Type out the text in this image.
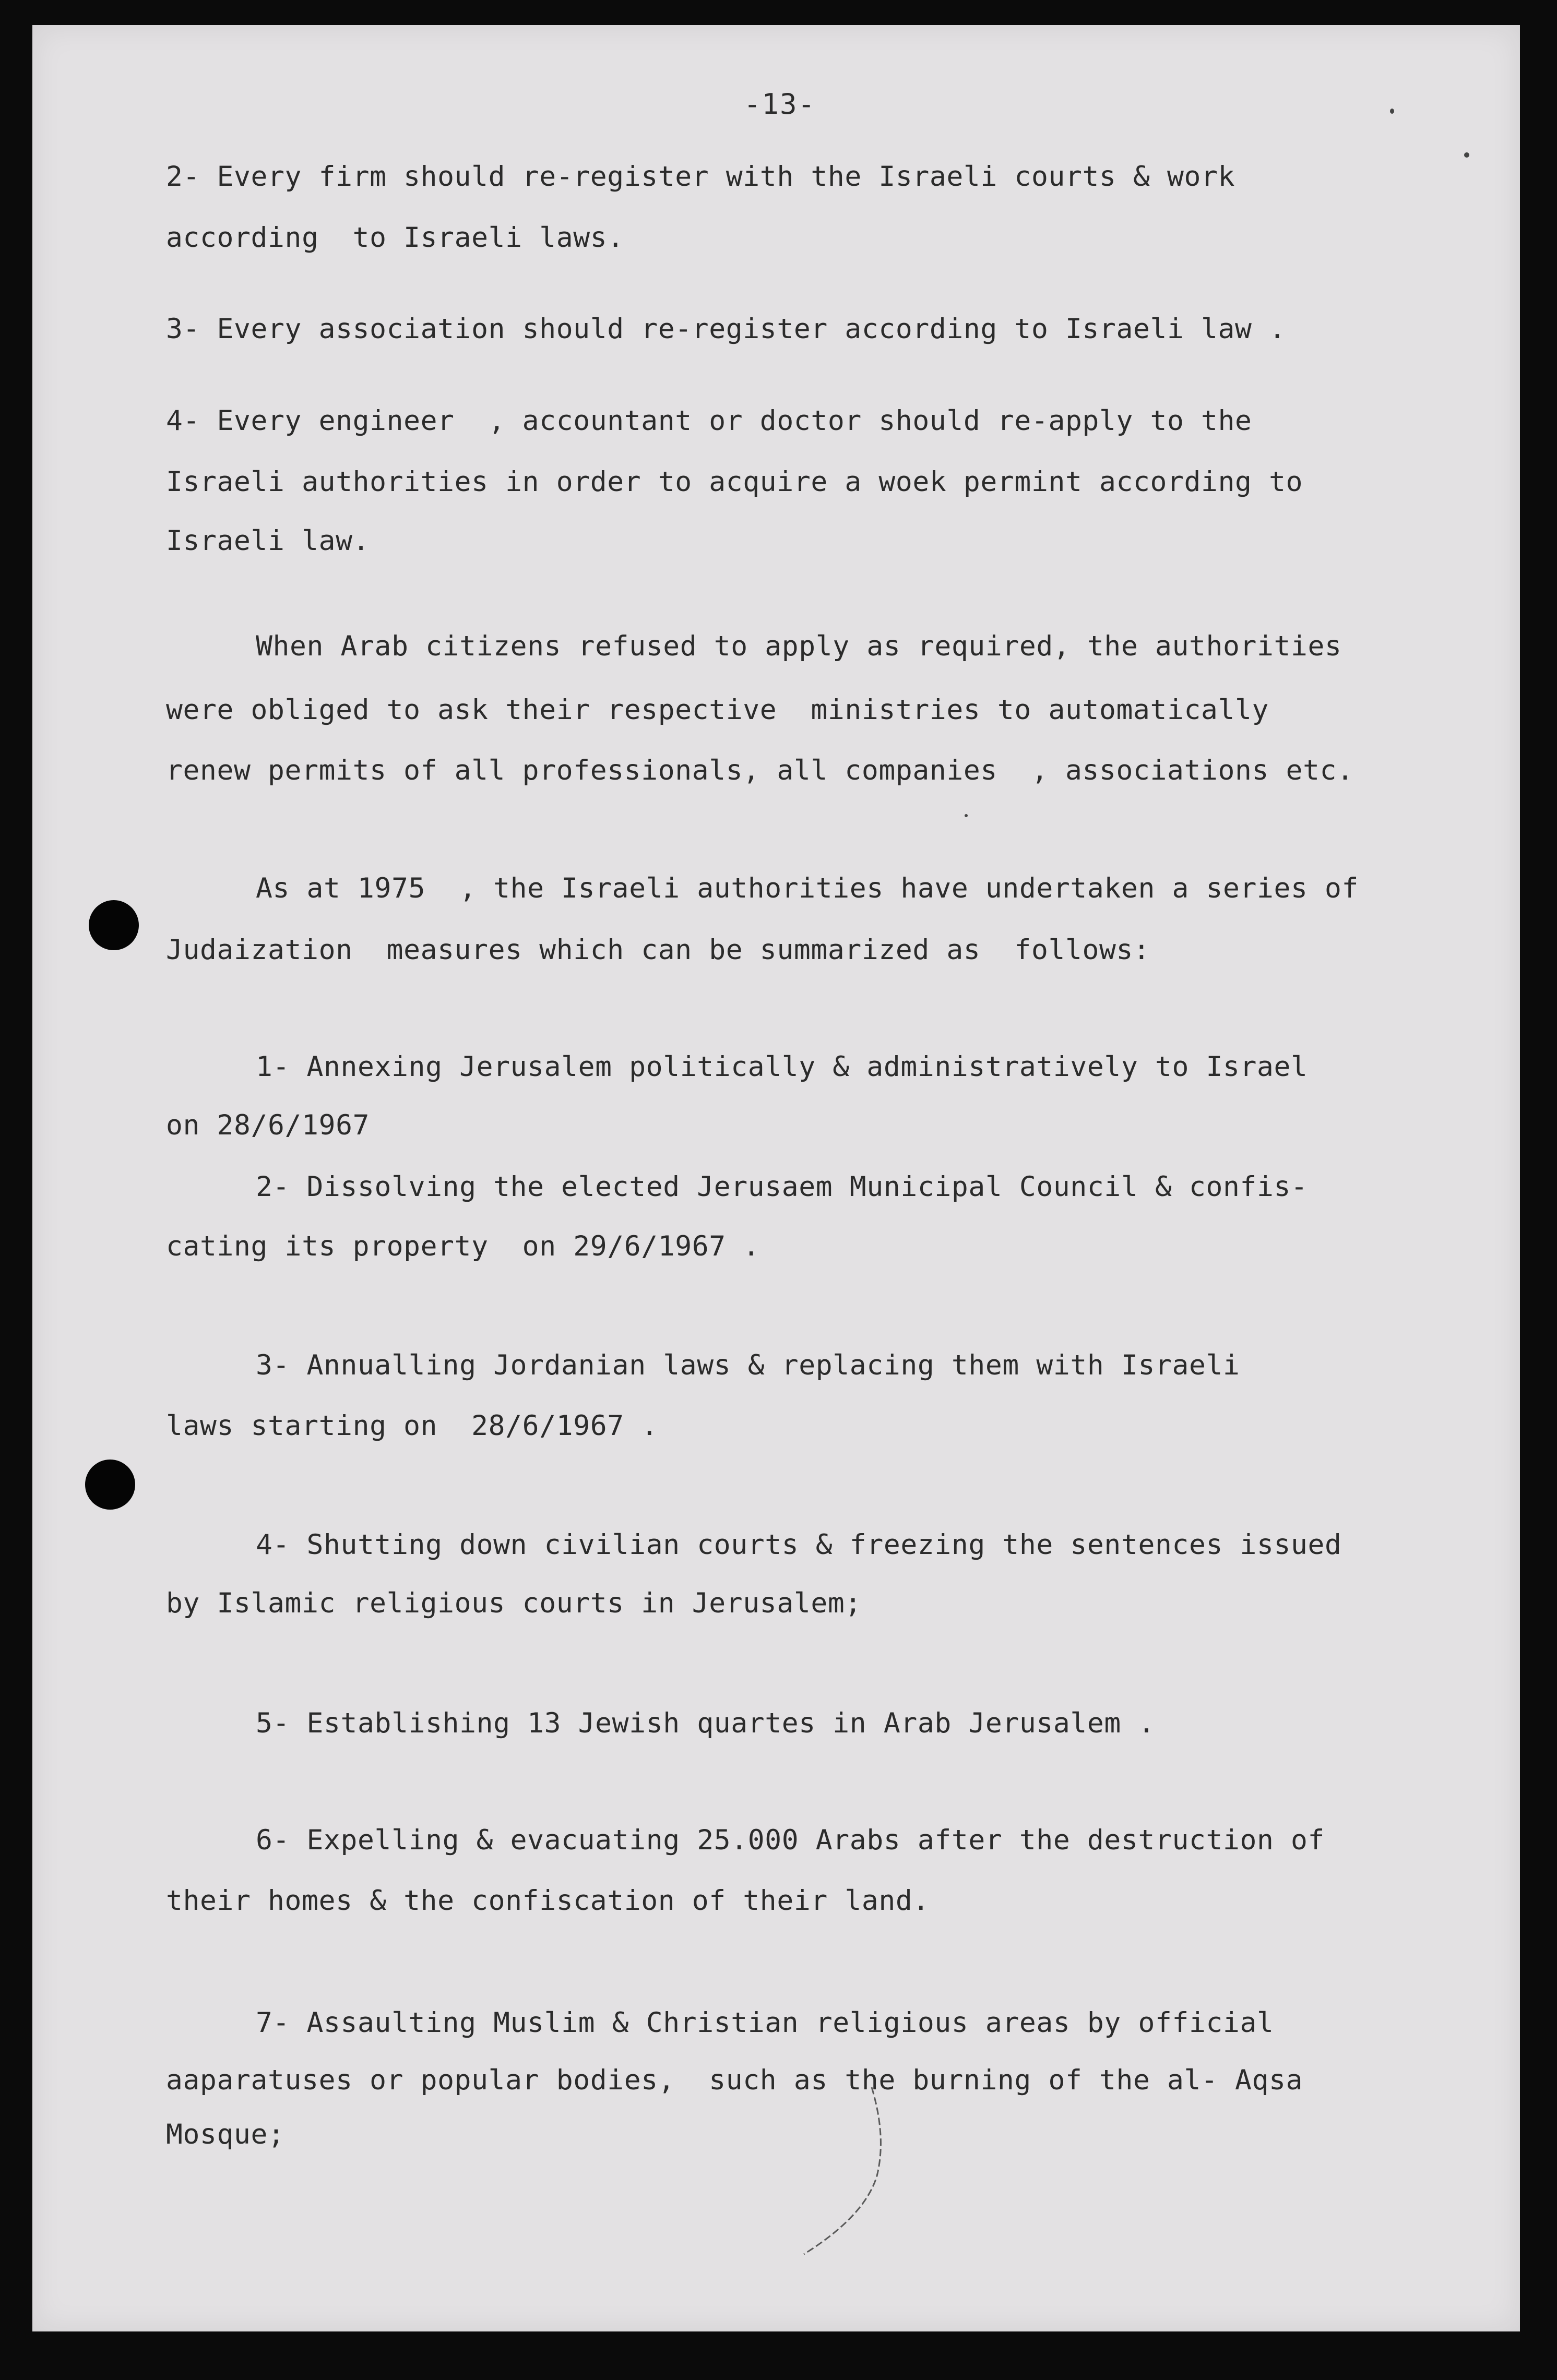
-13-
2- Every firm should re-register with the Israeli courts & work
according  to Israeli laws.
3- Every association should re-register according to Israeli law .
4- Every engineer  , accountant or doctor should re-apply to the
Israeli authorities in order to acquire a woek permint according to
Israeli law.
When Arab citizens refused to apply as required, the authorities
were obliged to ask their respective  ministries to automatically
renew permits of all professionals, all companies  , associations etc.
As at 1975  , the Israeli authorities have undertaken a series of
Judaization  measures which can be summarized as  follows:
1- Annexing Jerusalem politically & administratively to Israel
on 28/6/1967
2- Dissolving the elected Jerusaem Municipal Council & confis-
cating its property  on 29/6/1967 .
3- Annualling Jordanian laws & replacing them with Israeli
laws starting on  28/6/1967 .
4- Shutting down civilian courts & freezing the sentences issued
by Islamic religious courts in Jerusalem;
5- Establishing 13 Jewish quartes in Arab Jerusalem .
6- Expelling & evacuating 25.000 Arabs after the destruction of
their homes & the confiscation of their land.
7- Assaulting Muslim & Christian religious areas by official
aaparatuses or popular bodies,  such as the burning of the al- Aqsa
Mosque;
